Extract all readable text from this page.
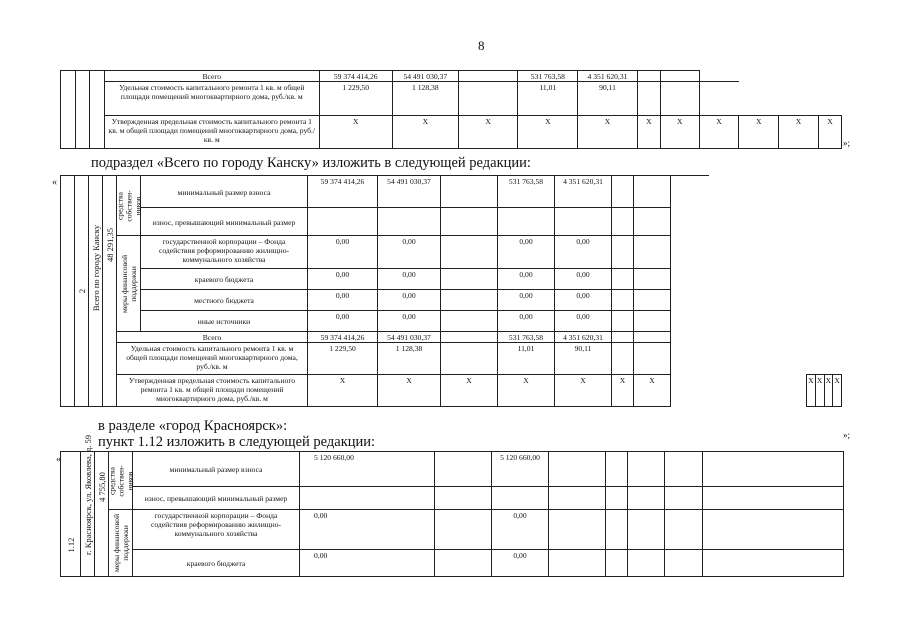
8
			Всего	59 374 414,26	54 491 030,37		531 763,58	4 351 620,31						
			Удельная стоимость капитального ремонта 1 кв. м общей площади помещений многоквартирного дома, руб./кв. м	1 229,50	1 128,38		11,01	90,11						
			Утвержденная предельная стоимость капитального ремонта 1 кв. м общей площади помещений многоквартирного дома, руб./кв. м	X	X	X	X	X	X	X	X	X	X	X
»;
подраздел «Всего по городу Канску» изложить в следующей редакции:
«

	2	Всего по городу Канску	48 291,35	средства собствен-ников	минимальный размер взноса	59 374 414,26	54 491 030,37		531 763,58	4 351 620,31										
					износ, превышающий минимальный размер															

				меры финансовой поддержки	государственной корпорации – Фонда содействия реформированию жилищно-коммунального хозяйства	0,00	0,00		0,00	0,00										
					краевого бюджета	0,00	0,00		0,00	0,00										
					местного бюджета	0,00	0,00		0,00	0,00										
					иные источники	0,00	0,00		0,00	0,00										
				Всего		59 374 414,26	54 491 030,37		531 763,58	4 351 620,31										
				Удельная стоимость капитального ремонта 1 кв. м общей площади помещений многоквартирного дома, руб./кв. м		1 229,50	1 128,38		11,01	90,11										
				Утвержденная предельная стоимость капитального ремонта 1 кв. м общей площади помещений многоквартирного дома, руб./кв. м		X	X	X	X	X	X	X					X	X	X	X
»;
в разделе «город Красноярск»:
пункт 1.12 изложить в следующей редакции:
«
1.12	г. Красноярск, ул. Яковлева, д. 59	4 755,80	средства собствен-ников	минимальный размер взноса	5 120 660,00		5 120 660,00							
				износ, превышающий минимальный размер										

			меры финансовой поддержки	государственной корпорации – Фонда содействия реформированию жилищно-коммунального хозяйства	0,00		0,00							
				краевого бюджета	0,00		0,00							
